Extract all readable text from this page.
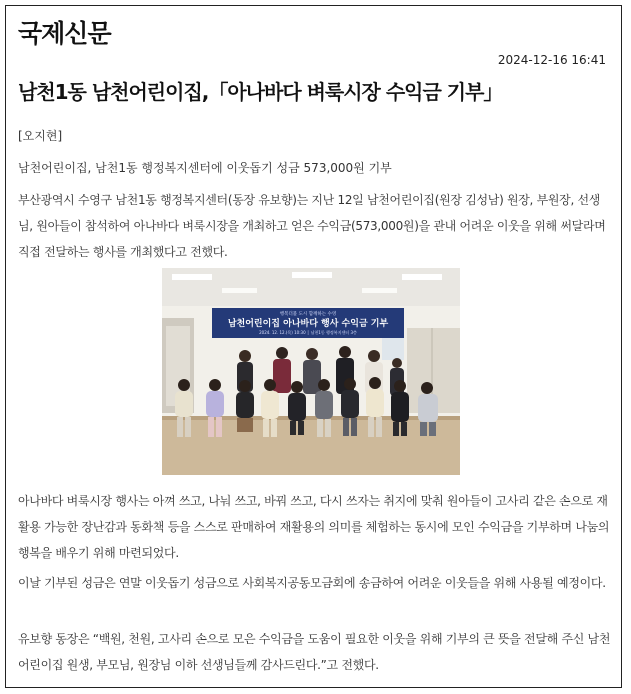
국제신문
2024-12-16 16:41
남천1동 남천어린이집,「아나바다 벼룩시장 수익금 기부」
[오지현]
남천어린이집, 남천1동 행정복지센터에 이웃돕기 성금 573,000원 기부

부산광역시 수영구 남천1동 행정복지센터(동장 유보향)는 지난 12일 남천어린이집(원장 김성남) 원장, 부원장, 선생님, 원아들이 참석하여 아나바다 벼룩시장을 개최하고 얻은 수익금(573,000원)을 관내 어려운 이웃을 위해 써달라며 직접 전달하는 행사를 개최했다고 전했다.

행복더불 도시 함께하는 수영
남천어린이집 아나바다 행사 수익금 기부
2024. 12. 12.(목) 10:30 │ 남천1동 행정복지센터 3층

아나바다 벼룩시장 행사는 아껴 쓰고, 나눠 쓰고, 바꿔 쓰고, 다시 쓰자는 취지에 맞춰 원아들이 고사리 같은 손으로 재활용 가능한 장난감과 동화책 등을 스스로 판매하여 재활용의 의미를 체험하는 동시에 모인 수익금을 기부하며 나눔의 행복을 배우기 위해 마련되었다.

이날 기부된 성금은 연말 이웃돕기 성금으로 사회복지공동모금회에 송금하여 어려운 이웃들을 위해 사용될 예정이다.

유보향 동장은 “백원, 천원, 고사리 손으로 모은 수익금을 도움이 필요한 이웃을 위해 기부의 큰 뜻을 전달해 주신 남천어린이집 원생, 부모님, 원장님 이하 선생님들께 감사드린다.”고 전했다.
